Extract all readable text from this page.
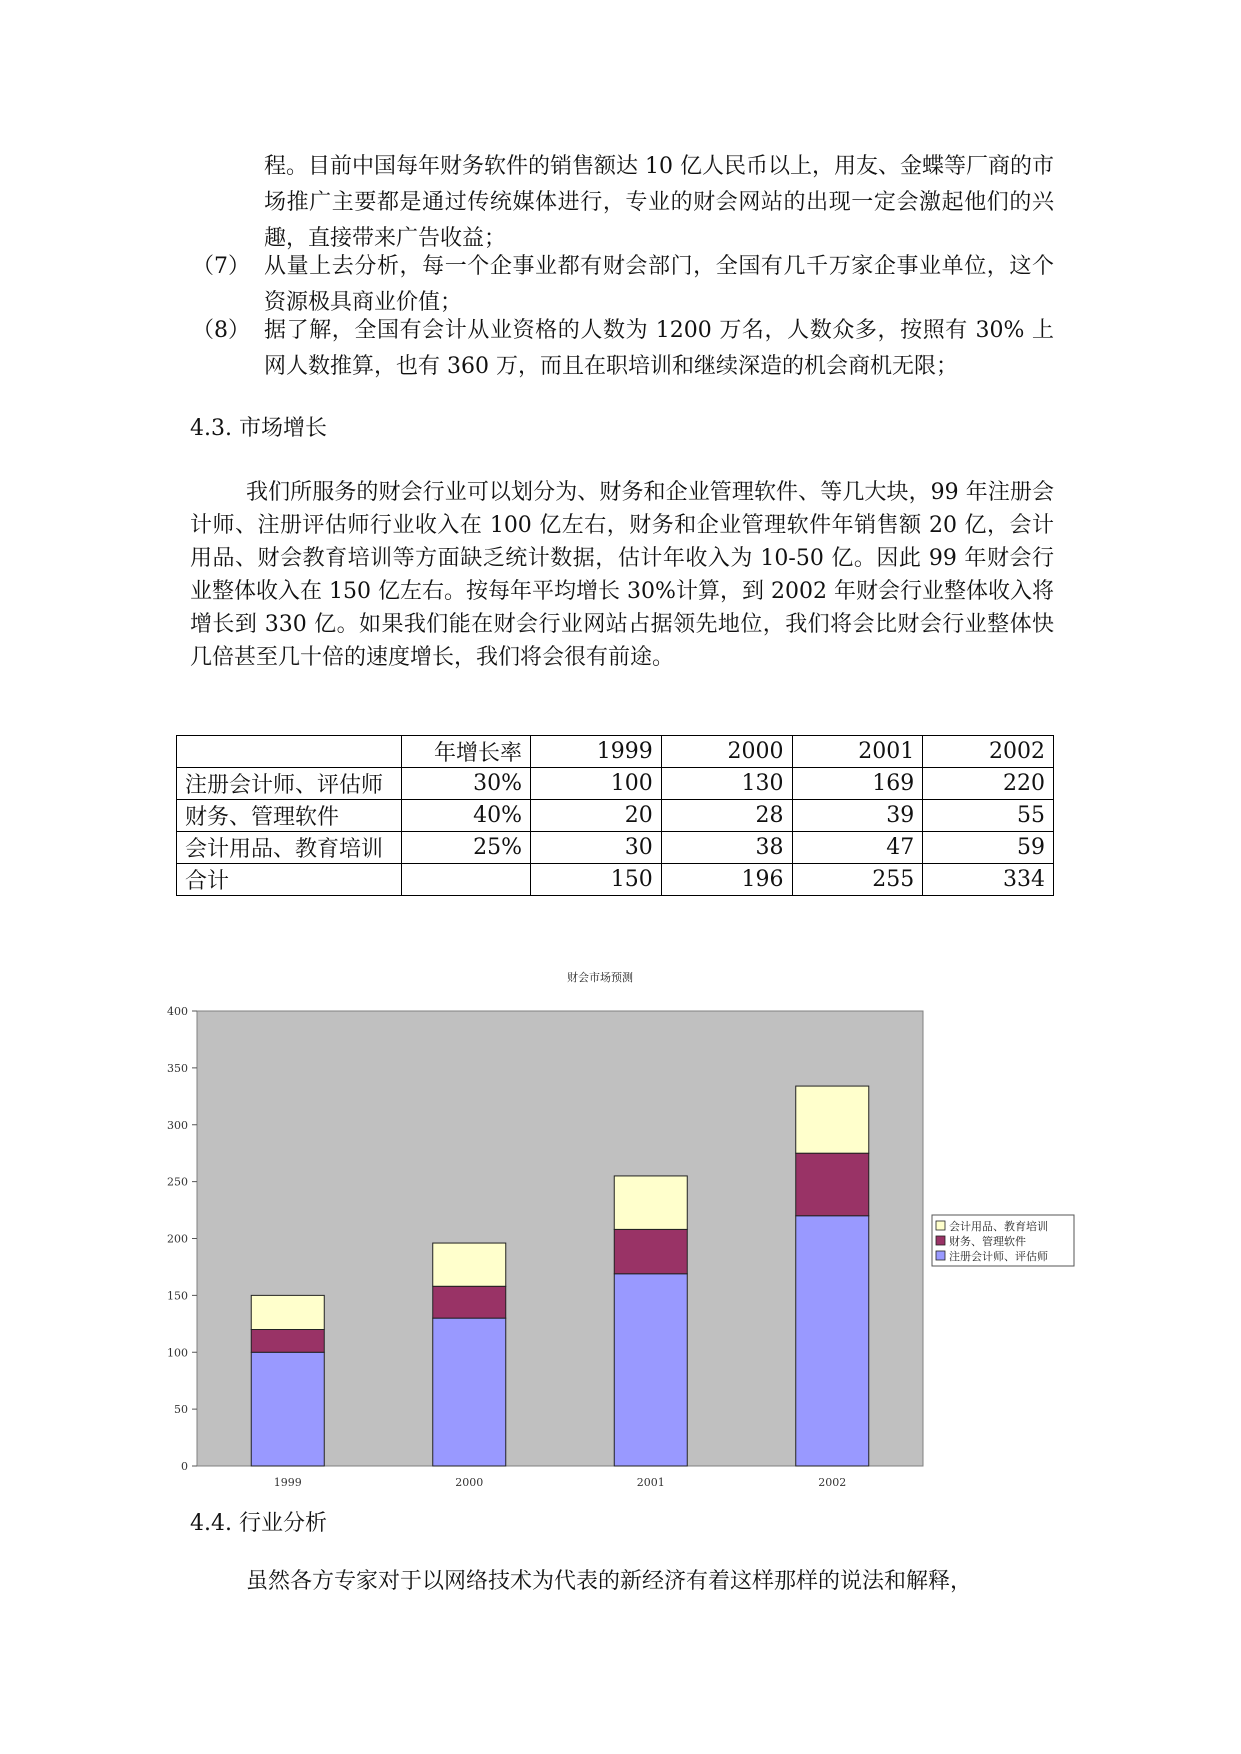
程。目前中国每年财务软件的销售额达 10 亿人民币以上，用友、金蝶等厂商的市场推广主要都是通过传统媒体进行，专业的财会网站的出现一定会激起他们的兴趣，直接带来广告收益；

（7） 从量上去分析，每一个企事业都有财会部门，全国有几千万家企事业单位，这个资源极具商业价值；
（8） 据了解，全国有会计从业资格的人数为 1200 万名，人数众多，按照有 30% 上网人数推算，也有 360 万，而且在职培训和继续深造的机会商机无限；
4.3. 市场增长

我们所服务的财会行业可以划分为、财务和企业管理软件、等几大块，99 年注册会计师、注册评估师行业收入在 100 亿左右，财务和企业管理软件年销售额 20 亿，会计用品、财会教育培训等方面缺乏统计数据，估计年收入为 10-50 亿。因此 99 年财会行业整体收入在 150 亿左右。按每年平均增长 30%计算，到 2002 年财会行业整体收入将增长到 330 亿。如果我们能在财会行业网站占据领先地位，我们将会比财会行业整体快几倍甚至几十倍的速度增长，我们将会很有前途。

	年增长率	1999	2000	2001	2002
注册会计师、评估师	30%	100	130	169	220
财务、管理软件	40%	20	28	39	55
会计用品、教育培训	25%	30	38	47	59
合计		150	196	255	334
财会市场预测
0
50
100
150
200
250
300
350
400
1999	2000	2001	2002
会计用品、教育培训
财务、管理软件
注册会计师、评估师
4.4. 行业分析

虽然各方专家对于以网络技术为代表的新经济有着这样那样的说法和解释，
